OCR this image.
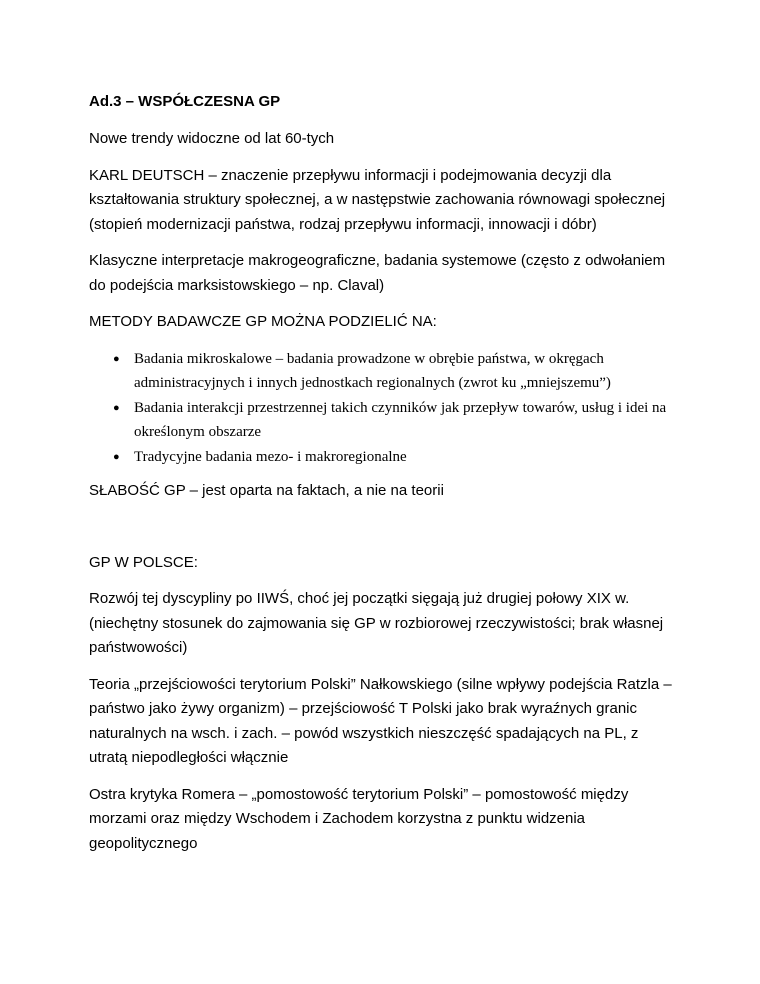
Ad.3 – WSPÓŁCZESNA GP

Nowe trendy widoczne od lat 60-tych

KARL DEUTSCH – znaczenie przepływu informacji i podejmowania decyzji dla kształtowania struktury społecznej, a w następstwie zachowania równowagi społecznej (stopień modernizacji państwa, rodzaj przepływu informacji, innowacji i dóbr)

Klasyczne interpretacje makrogeograficzne, badania systemowe (często z odwołaniem do podejścia marksistowskiego – np. Claval)

METODY BADAWCZE GP MOŻNA PODZIELIĆ NA:

● Badania mikroskalowe – badania prowadzone w obrębie państwa, w okręgach administracyjnych i innych jednostkach regionalnych (zwrot ku „mniejszemu”)
● Badania interakcji przestrzennej takich czynników jak przepływ towarów, usług i idei na określonym obszarze
● Tradycyjne badania mezo- i makroregionalne

SŁABOŚĆ GP – jest oparta na faktach, a nie na teorii

GP W POLSCE:

Rozwój tej dyscypliny po IIWŚ, choć jej początki sięgają już drugiej połowy XIX w. (niechętny stosunek do zajmowania się GP w rozbiorowej rzeczywistości; brak własnej państwowości)

Teoria „przejściowości terytorium Polski” Nałkowskiego (silne wpływy podejścia Ratzla – państwo jako żywy organizm) – przejściowość T Polski jako brak wyraźnych granic naturalnych na wsch. i zach. – powód wszystkich nieszczęść spadających na PL, z utratą niepodległości włącznie

Ostra krytyka Romera – „pomostowość terytorium Polski” – pomostowość między morzami oraz między Wschodem i Zachodem korzystna z punktu widzenia geopolitycznego
